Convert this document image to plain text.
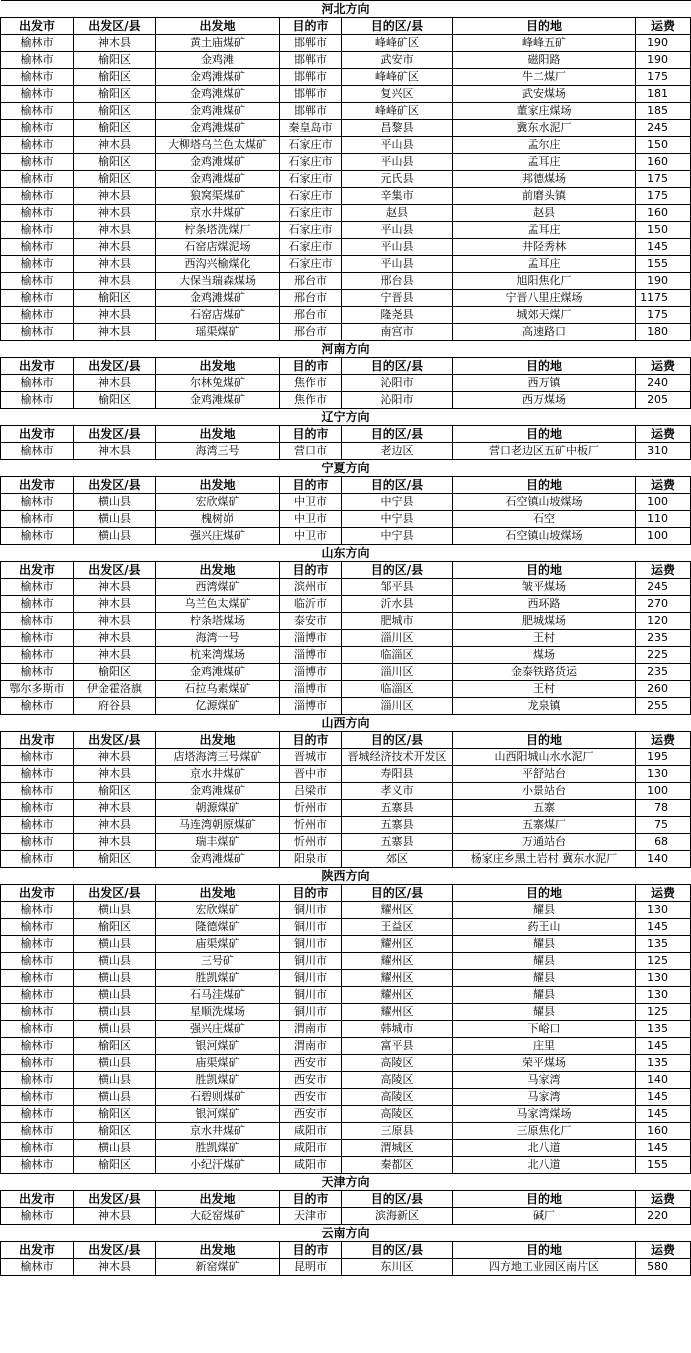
河北方向						
出发市	出发区/县	出发地	目的市	目的区/县	目的地	运费
榆林市	神木县	黄土庙煤矿	邯郸市	峰峰矿区	峰峰五矿	190
榆林市	榆阳区	金鸡滩	邯郸市	武安市	磁阳路	190
榆林市	榆阳区	金鸡滩煤矿	邯郸市	峰峰矿区	牛二煤厂	175
榆林市	榆阳区	金鸡滩煤矿	邯郸市	复兴区	武安煤场	181
榆林市	榆阳区	金鸡滩煤矿	邯郸市	峰峰矿区	董家庄煤场	185
榆林市	榆阳区	金鸡滩煤矿	秦皇岛市	昌黎县	冀东水泥厂	245
榆林市	神木县	大柳塔乌兰色太煤矿	石家庄市	平山县	孟尔庄	150
榆林市	榆阳区	金鸡滩煤矿	石家庄市	平山县	孟耳庄	160
榆林市	榆阳区	金鸡滩煤矿	石家庄市	元氏县	邦德煤场	175
榆林市	神木县	狼窝渠煤矿	石家庄市	辛集市	前磨头镇	175
榆林市	神木县	京水井煤矿	石家庄市	赵县	赵县	160
榆林市	神木县	柠条塔洗煤厂	石家庄市	平山县	孟耳庄	150
榆林市	神木县	石窑店煤泥场	石家庄市	平山县	井陉秀林	145
榆林市	神木县	西沟兴榆煤化	石家庄市	平山县	孟耳庄	155
榆林市	神木县	大保当瑞森煤场	邢台市	邢台县	旭阳焦化厂	190
榆林市	榆阳区	金鸡滩煤矿	邢台市	宁晋县	宁晋八里庄煤场	1175
榆林市	神木县	石窑店煤矿	邢台市	隆尧县	城郊天煤厂	175
榆林市	神木县	瑶渠煤矿	邢台市	南宫市	高速路口	180
河南方向						
出发市	出发区/县	出发地	目的市	目的区/县	目的地	运费
榆林市	神木县	尔林兔煤矿	焦作市	沁阳市	西万镇	240
榆林市	榆阳区	金鸡滩煤矿	焦作市	沁阳市	西万煤场	205
辽宁方向						
出发市	出发区/县	出发地	目的市	目的区/县	目的地	运费
榆林市	神木县	海湾三号	营口市	老边区	营口老边区五矿中板厂	310
宁夏方向						
出发市	出发区/县	出发地	目的市	目的区/县	目的地	运费
榆林市	横山县	宏欣煤矿	中卫市	中宁县	石空镇山坡煤场	100
榆林市	横山县	槐树峁	中卫市	中宁县	石空	110
榆林市	横山县	强兴庄煤矿	中卫市	中宁县	石空镇山坡煤场	100
山东方向						
出发市	出发区/县	出发地	目的市	目的区/县	目的地	运费
榆林市	神木县	西湾煤矿	滨州市	邹平县	皱平煤场	245
榆林市	神木县	乌兰色太煤矿	临沂市	沂水县	西环路	270
榆林市	神木县	柠条塔煤场	泰安市	肥城市	肥城煤场	120
榆林市	神木县	海湾一号	淄博市	淄川区	王村	235
榆林市	神木县	杭来湾煤场	淄博市	临淄区	煤场	225
榆林市	榆阳区	金鸡滩煤矿	淄博市	淄川区	金泰铁路货运	235
鄂尔多斯市	伊金霍洛旗	石拉乌素煤矿	淄博市	临淄区	王村	260
榆林市	府谷县	亿源煤矿	淄博市	淄川区	龙泉镇	255
山西方向						
出发市	出发区/县	出发地	目的市	目的区/县	目的地	运费
榆林市	神木县	店塔海湾三号煤矿	晋城市	晋城经济技术开发区	山西阳城山水水泥厂	195
榆林市	神木县	京水井煤矿	晋中市	寿阳县	平舒站台	130
榆林市	榆阳区	金鸡滩煤矿	吕梁市	孝义市	小景站台	100
榆林市	神木县	朝源煤矿	忻州市	五寨县	五寨	78
榆林市	神木县	马连湾朝原煤矿	忻州市	五寨县	五寨煤厂	75
榆林市	神木县	瑞丰煤矿	忻州市	五寨县	万通站台	68
榆林市	榆阳区	金鸡滩煤矿	阳泉市	郊区	杨家庄乡黑土岩村 冀东水泥厂	140
陕西方向						
出发市	出发区/县	出发地	目的市	目的区/县	目的地	运费
榆林市	横山县	宏欣煤矿	铜川市	耀州区	耀县	130
榆林市	榆阳区	隆德煤矿	铜川市	王益区	药王山	145
榆林市	横山县	庙渠煤矿	铜川市	耀州区	耀县	135
榆林市	横山县	三号矿	铜川市	耀州区	耀县	125
榆林市	横山县	胜凯煤矿	铜川市	耀州区	耀县	130
榆林市	横山县	石马洼煤矿	铜川市	耀州区	耀县	130
榆林市	横山县	星顺洗煤场	铜川市	耀州区	耀县	125
榆林市	横山县	强兴庄煤矿	渭南市	韩城市	下峪口	135
榆林市	榆阳区	银河煤矿	渭南市	富平县	庄里	145
榆林市	横山县	庙渠煤矿	西安市	高陵区	荣平煤场	135
榆林市	横山县	胜凯煤矿	西安市	高陵区	马家湾	140
榆林市	横山县	石碧则煤矿	西安市	高陵区	马家湾	145
榆林市	榆阳区	银河煤矿	西安市	高陵区	马家湾煤场	145
榆林市	榆阳区	京水井煤矿	咸阳市	三原县	三原焦化厂	160
榆林市	横山县	胜凯煤矿	咸阳市	渭城区	北八道	145
榆林市	榆阳区	小纪汗煤矿	咸阳市	秦都区	北八道	155
天津方向						
出发市	出发区/县	出发地	目的市	目的区/县	目的地	运费
榆林市	神木县	大砭窑煤矿	天津市	滨海新区	碱厂	220
云南方向						
出发市	出发区/县	出发地	目的市	目的区/县	目的地	运费
榆林市	神木县	新窑煤矿	昆明市	东川区	四方地工业园区南片区	580
